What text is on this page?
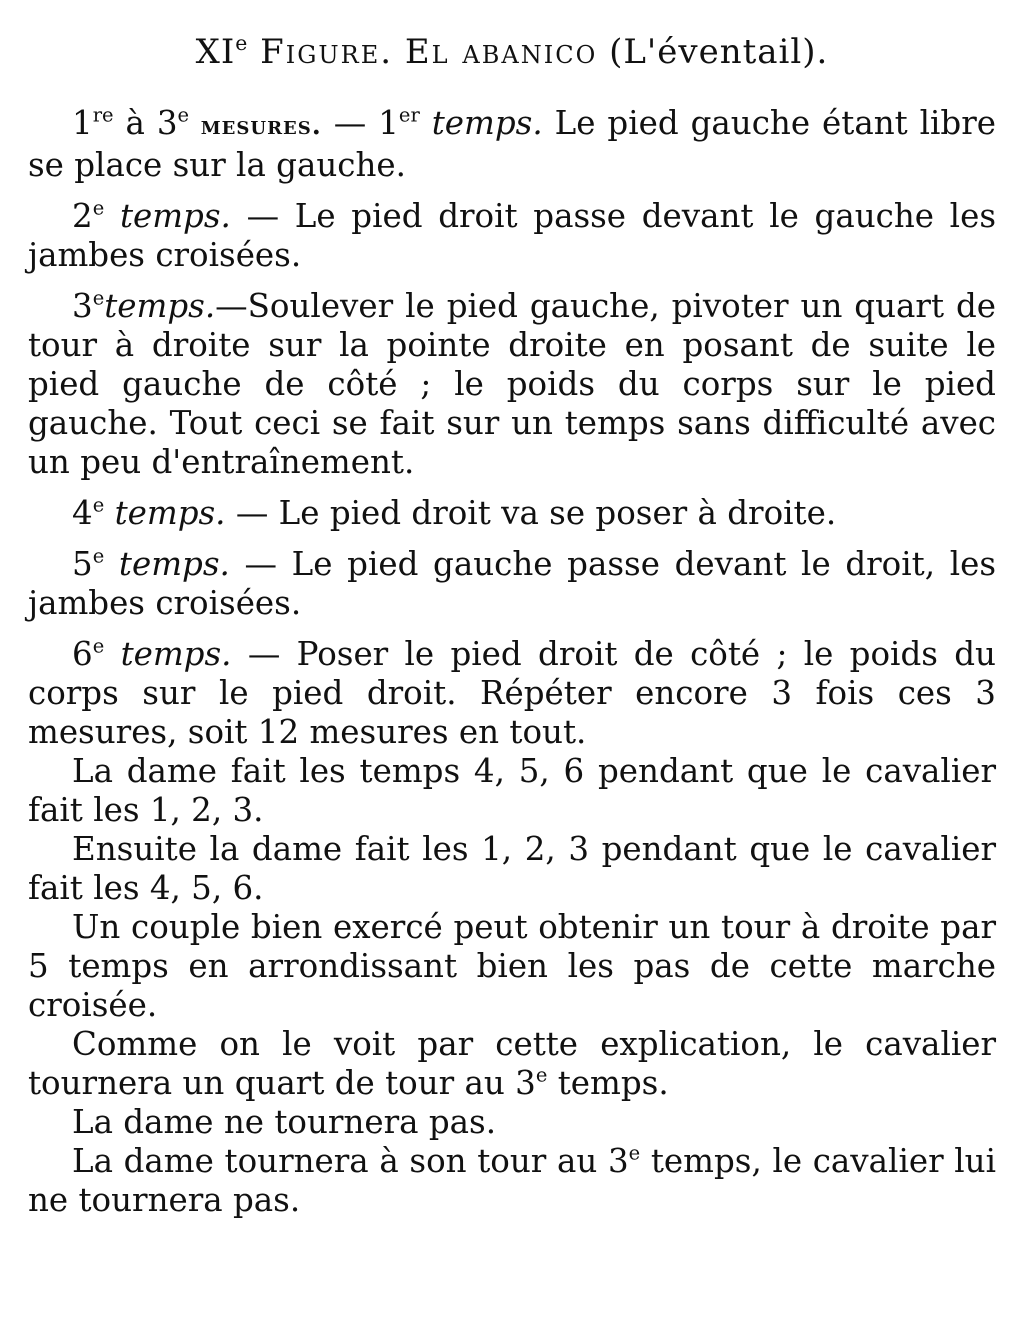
XIe Figure. El abanico (L'éventail).

1re à 3e mesures. — 1er temps. Le pied gauche étant libre se place sur la gauche.

2e temps. — Le pied droit passe devant le gauche les jambes croisées.

3etemps.—Soulever le pied gauche, pivoter un quart de tour à droite sur la pointe droite en posant de suite le pied gauche de côté ; le poids du corps sur le pied gauche. Tout ceci se fait sur un temps sans difficulté avec un peu d'entraînement.

4e temps. — Le pied droit va se poser à droite.

5e temps. — Le pied gauche passe devant le droit, les jambes croisées.

6e temps. — Poser le pied droit de côté ; le poids du corps sur le pied droit. Répéter encore 3 fois ces 3 mesures, soit 12 mesures en tout.

La dame fait les temps 4, 5, 6 pendant que le cavalier fait les 1, 2, 3.

Ensuite la dame fait les 1, 2, 3 pendant que le cavalier fait les 4, 5, 6.

Un couple bien exercé peut obtenir un tour à droite par 5 temps en arrondissant bien les pas de cette marche croisée.

Comme on le voit par cette explication, le cavalier tournera un quart de tour au 3e temps.

La dame ne tournera pas.

La dame tournera à son tour au 3e temps, le cavalier lui ne tournera pas.
